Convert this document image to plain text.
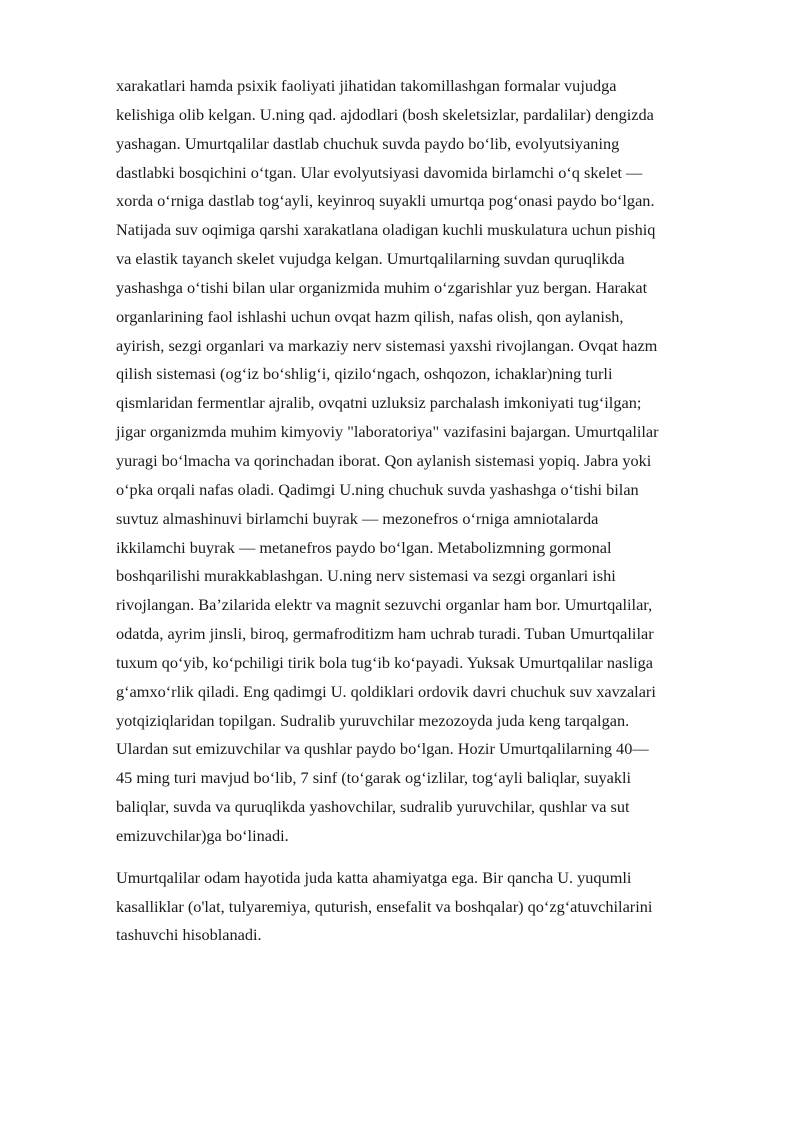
xarakatlari hamda psixik faoliyati jihatidan takomillashgan formalar vujudga
kelishiga olib kelgan. U.ning qad. ajdodlari (bosh skeletsizlar, pardalilar) dengizda
yashagan. Umurtqalilar dastlab chuchuk suvda paydo boʻlib, evolyutsiyaning
dastlabki bosqichini oʻtgan. Ular evolyutsiyasi davomida birlamchi oʻq skelet —
xorda oʻrniga dastlab togʻayli, keyinroq suyakli umurtqa pogʻonasi paydo boʻlgan.
Natijada suv oqimiga qarshi xarakatlana oladigan kuchli muskulatura uchun pishiq
va elastik tayanch skelet vujudga kelgan. Umurtqalilarning suvdan quruqlikda
yashashga oʻtishi bilan ular organizmida muhim oʻzgarishlar yuz bergan. Harakat
organlarining faol ishlashi uchun ovqat hazm qilish, nafas olish, qon aylanish,
ayirish, sezgi organlari va markaziy nerv sistemasi yaxshi rivojlangan. Ovqat hazm
qilish sistemasi (ogʻiz boʻshligʻi, qiziloʻngach, oshqozon, ichaklar)ning turli
qismlaridan fermentlar ajralib, ovqatni uzluksiz parchalash imkoniyati tugʻilgan;
jigar organizmda muhim kimyoviy "laboratoriya" vazifasini bajargan. Umurtqalilar
yuragi boʻlmacha va qorinchadan iborat. Qon aylanish sistemasi yopiq. Jabra yoki
oʻpka orqali nafas oladi. Qadimgi U.ning chuchuk suvda yashashga oʻtishi bilan
suvtuz almashinuvi birlamchi buyrak — mezonefros oʻrniga amniotalarda
ikkilamchi buyrak — metanefros paydo boʻlgan. Metabolizmning gormonal
boshqarilishi murakkablashgan. U.ning nerv sistemasi va sezgi organlari ishi
rivojlangan. Baʼzilarida elektr va magnit sezuvchi organlar ham bor. Umurtqalilar,
odatda, ayrim jinsli, biroq, germafroditizm ham uchrab turadi. Tuban Umurtqalilar
tuxum qoʻyib, koʻpchiligi tirik bola tugʻib koʻpayadi. Yuksak Umurtqalilar nasliga
gʻamxoʻrlik qiladi. Eng qadimgi U. qoldiklari ordovik davri chuchuk suv xavzalari
yotqiziqlaridan topilgan. Sudralib yuruvchilar mezozoyda juda keng tarqalgan.
Ulardan sut emizuvchilar va qushlar paydo boʻlgan. Hozir Umurtqalilarning 40—
45 ming turi mavjud boʻlib, 7 sinf (toʻgarak ogʻizlilar, togʻayli baliqlar, suyakli
baliqlar, suvda va quruqlikda yashovchilar, sudralib yuruvchilar, qushlar va sut
emizuvchilar)ga boʻlinadi.

Umurtqalilar odam hayotida juda katta ahamiyatga ega. Bir qancha U. yuqumli
kasalliklar (o'lat, tulyaremiya, quturish, ensefalit va boshqalar) qoʻzgʻatuvchilarini
tashuvchi hisoblanadi.
